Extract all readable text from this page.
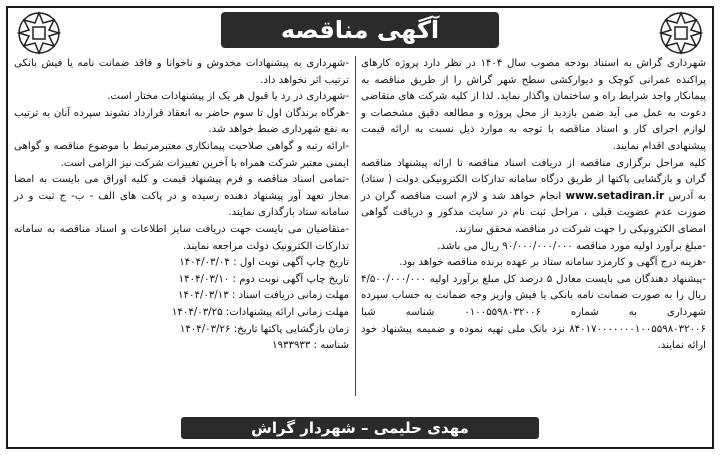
آگهی مناقصه

شهرداری گراش به استناد بودجه مصوب سال ۱۴۰۴ در نظر دارد پروژه کارهای پراکنده عمرانی کوچک و دیوارکشی سطح شهر گراش را از طریق مناقصه به پیمانکار واجد شرایط راه و ساختمان واگذار نماید. لذا از کلیه شرکت های متقاضی دعوت به عمل می آید ضمن بازدید از محل پروژه و مطالعه دقیق مشخصات و لوازم اجرای کار و اسناد مناقصه با توجه به موارد ذیل نسبت به ارائه قیمت پیشنهادی اقدام نمایند.

کلیه مراحل برگزاری مناقصه از دریافت اسناد مناقصه تا ارائه پیشنهاد مناقصه گران و بازگشایی پاکتها از طریق درگاه سامانه تدارکات الکترونیکی دولت ( ستاد) به آدرس www.setadiran.ir انجام خواهد شد و لازم است مناقصه گران در صورت عدم عضویت قبلی ، مراحل ثبت نام در سایت مذکور و دریافت گواهی امضای الکترونیکی را جهت شرکت در مناقصه محقق سازند.

-مبلغ برآورد اولیه مورد مناقصه ۹۰/۰۰۰/۰۰۰/۰۰۰ ریال می باشد.

-هزینه درج آگهی و کارمزد سامانه ستاد بر عهده برنده مناقصه خواهد بود.

-پیشنهاد دهندگان می بایست معادل ۵ درصد کل مبلغ برآورد اولیه ۴/۵۰۰/۰۰۰/۰۰۰ ریال را به صورت ضمانت نامه بانکی یا فیش واریز وجه ضمانت به حساب سپرده شهرداری به شماره ۰۱۰۰۵۵۹۸۰۳۲۰۰۶ شناسه شبا ۸۴۰۱۷۰۰۰۰۰۰۰۱۰۰۵۵۹۸۰۳۲۰۰۶ نزد بانک ملی تهیه نموده و ضمیمه پیشنهاد خود ارائه نمایند.

-شهرداری به پیشنهادات مخدوش و ناخوانا و فاقد ضمانت نامه یا فیش بانکی ترتیب اثر نخواهد داد.

-شهرداری در رد یا قبول هر یک از پیشنهادات مختار است.

-هرگاه برندگان اول تا سوم حاضر به انعقاد قرارداد نشوند سپرده آنان به ترتیب به نفع شهرداری ضبط خواهد شد.

-ارائه رتبه و گواهی صلاحیت پیمانکاری معتبرمرتبط با موضوع مناقصه و گواهی ایمنی معتبر شرکت همراه با آخرین تغییرات شرکت نیز الزامی است.

-تمامی اسناد مناقصه و فرم پیشنهاد قیمت و کلیه اوراق می بایست به امضا مجاز تعهد آور پیشنهاد دهنده رسیده و در پاکت های الف - ب- ج ثبت و در سامانه ستاد بارگذاری نمایند.

-متقاضیان می بایست جهت دریافت سایر اطلاعات و اسناد مناقصه به سامانه تدارکات الکترونیک دولت مراجعه نمایند.

تاریخ چاپ آگهی نوبت اول : ۱۴۰۴/۰۳/۰۴

تاریخ چاپ آگهی نوبت دوم : ۱۴۰۴/۰۳/۱۰

مهلت زمانی دریافت اسناد : ۱۴۰۴/۰۳/۱۳

مهلت زمانی ارائه پیشنهادات: ۱۴۰۴/۰۳/۲۵

زمان بازگشایی پاکتها تاریخ: ۱۴۰۴/۰۳/۲۶

شناسه : ۱۹۳۳۹۳۳

مهدی حلیمی – شهردار گراش
